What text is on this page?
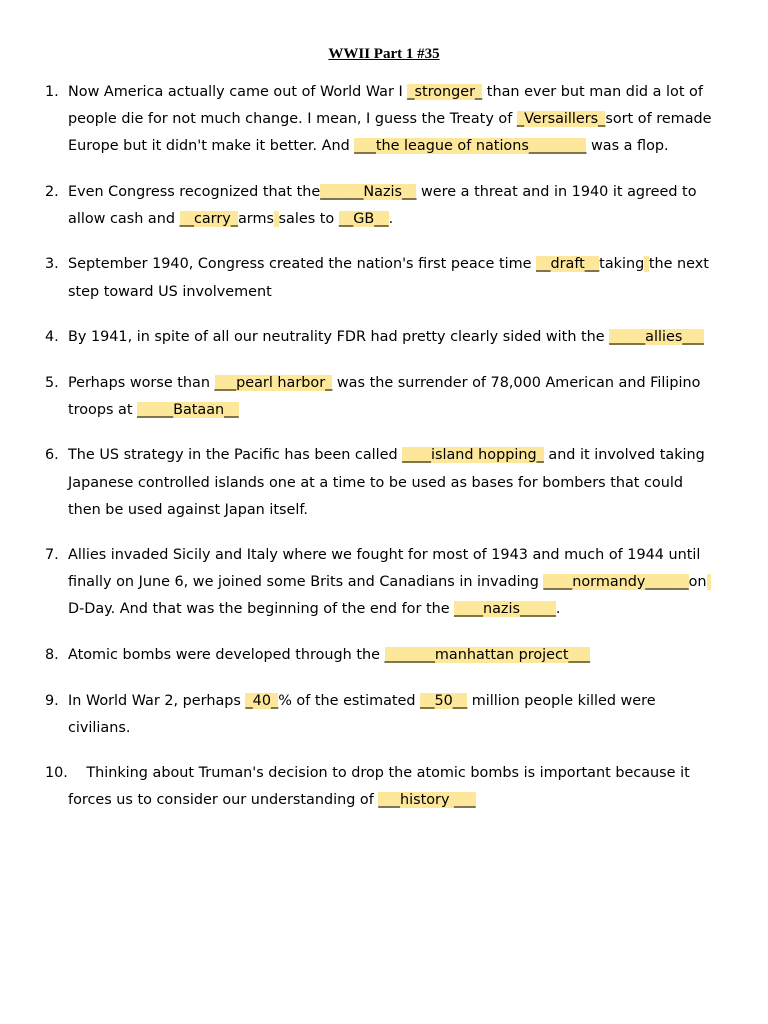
WWII Part 1 #35
1. Now America actually came out of World War I _stronger_ than ever but man did a lot of people die for not much change. I mean, I guess the Treaty of _Versaillers_sort of remade Europe but it didn't make it better. And ___the league of nations________ was a flop.
2. Even Congress recognized that the______Nazis__ were a threat and in 1940 it agreed to allow cash and __carry_arms sales to __GB__.
3. September 1940, Congress created the nation's first peace time __draft__taking the next step toward US involvement
4. By 1941, in spite of all our neutrality FDR had pretty clearly sided with the _____allies___
5. Perhaps worse than ___pearl harbor_ was the surrender of 78,000 American and Filipino troops at _____Bataan__
6. The US strategy in the Pacific has been called ____island hopping_ and it involved taking Japanese controlled islands one at a time to be used as bases for bombers that could then be used against Japan itself.
7. Allies invaded Sicily and Italy where we fought for most of 1943 and much of 1944 until finally on June 6, we joined some Brits and Canadians in invading ____normandy______on D-Day. And that was the beginning of the end for the ____nazis_____.
8. Atomic bombs were developed through the _______manhattan project___
9. In World War 2, perhaps _40_% of the estimated __50__ million people killed were civilians.
10. Thinking about Truman's decision to drop the atomic bombs is important because it forces us to consider our understanding of ___history ___
